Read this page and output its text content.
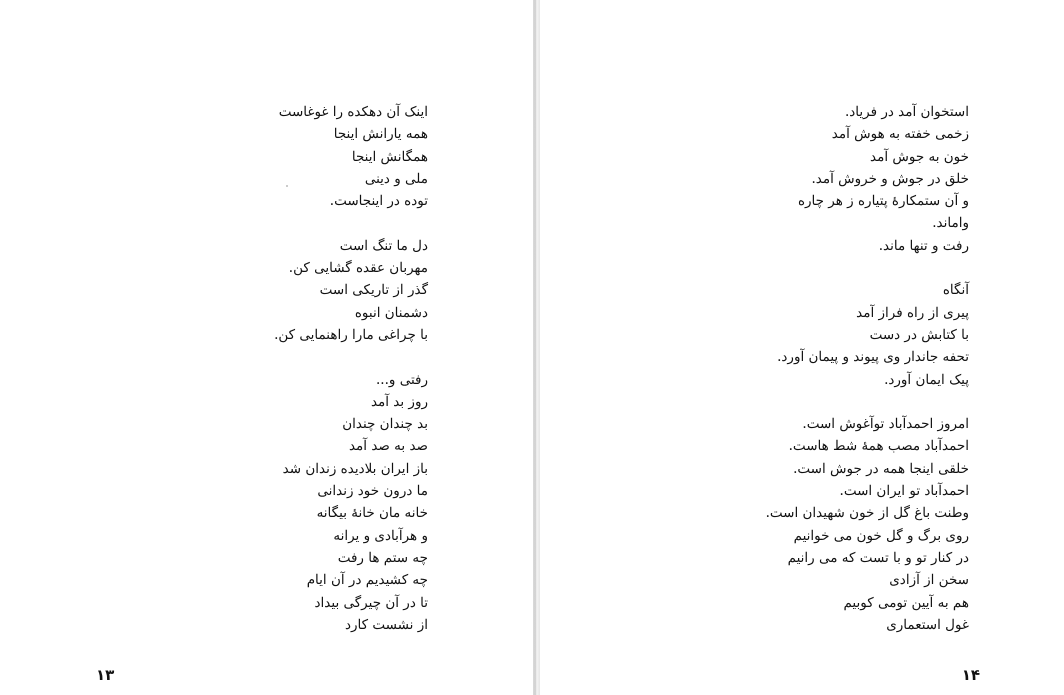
اینک آن دهکده را غوغاست
همه یارانش اینجا
همگانش اینجا
ملی و دینی
توده در اینجاست.
دل ما تنگ است
مهربان عقده گشایی کن.
گذر از تاریکی است
دشمنان انبوه
با چراغی مارا راهنمایی کن.
رفتی و...
روز بد آمد
بد چندان چندان
صد به صد آمد
باز ایران بلادیده زندان شد
ما درون خود زندانی
خانه مان خانهٔ بیگانه
و هرآبادی و یرانه
چه ستم ها رفت
چه کشیدیم در آن ایام
تا در آن چیرگی بیداد
از نشست کارد
۱۳
استخوان آمد در فریاد.
زخمی خفته به هوش آمد
خون به جوش آمد
خلق در جوش و خروش آمد.
و آن ستمکارهٔ پتیاره ز هر چاره
واماند.
رفت و تنها ماند.
آنگاه
پیری از راه فراز آمد
با کتابش در دست
تحفه جاندار وی پیوند و پیمان آورد.
پیک ایمان آورد.
امروز احمدآباد توآغوش است.
احمدآباد مصب همهٔ شط هاست.
خلقی اینجا همه در جوش است.
احمدآباد تو ایران است.
وطنت باغ گل از خون شهیدان است.
روی برگ و گل خون می خوانیم
در کنار تو و با تست که می رانیم
سخن از آزادی
هم به آیین تومی کوبیم
غول استعماری
۱۴
